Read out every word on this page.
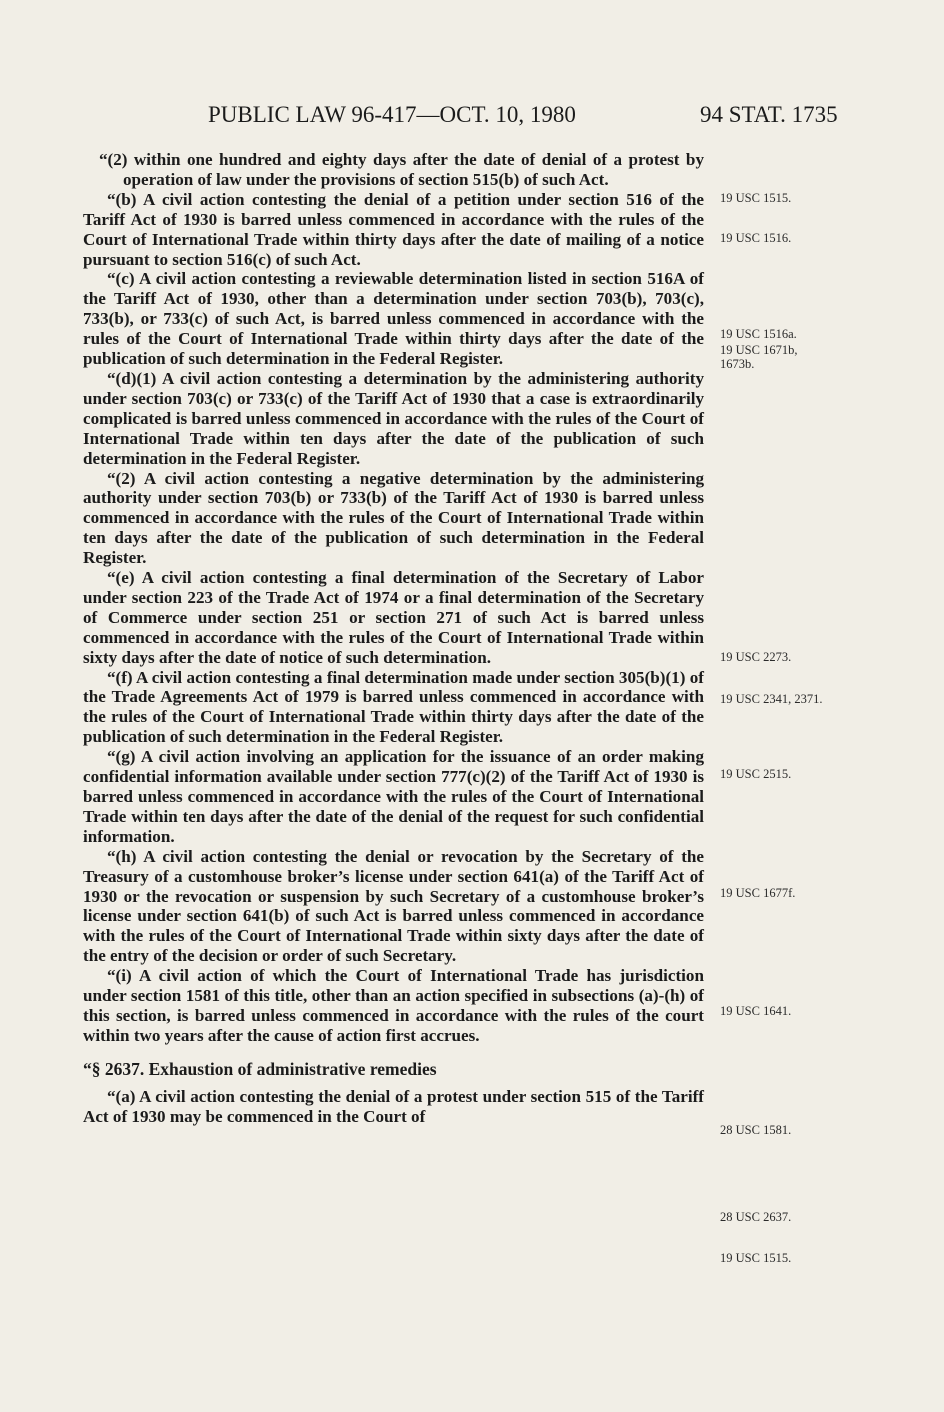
PUBLIC LAW 96-417—OCT. 10, 1980	94 STAT. 1735

“(2) within one hundred and eighty days after the date of denial of a protest by operation of law under the provisions of section 515(b) of such Act.

“(b) A civil action contesting the denial of a petition under section 516 of the Tariff Act of 1930 is barred unless commenced in accordance with the rules of the Court of International Trade within thirty days after the date of mailing of a notice pursuant to section 516(c) of such Act.

“(c) A civil action contesting a reviewable determination listed in section 516A of the Tariff Act of 1930, other than a determination under section 703(b), 703(c), 733(b), or 733(c) of such Act, is barred unless commenced in accordance with the rules of the Court of International Trade within thirty days after the date of the publication of such determination in the Federal Register.

“(d)(1) A civil action contesting a determination by the administering authority under section 703(c) or 733(c) of the Tariff Act of 1930 that a case is extraordinarily complicated is barred unless commenced in accordance with the rules of the Court of International Trade within ten days after the date of the publication of such determination in the Federal Register.

“(2) A civil action contesting a negative determination by the administering authority under section 703(b) or 733(b) of the Tariff Act of 1930 is barred unless commenced in accordance with the rules of the Court of International Trade within ten days after the date of the publication of such determination in the Federal Register.

“(e) A civil action contesting a final determination of the Secretary of Labor under section 223 of the Trade Act of 1974 or a final determination of the Secretary of Commerce under section 251 or section 271 of such Act is barred unless commenced in accordance with the rules of the Court of International Trade within sixty days after the date of notice of such determination.

“(f) A civil action contesting a final determination made under section 305(b)(1) of the Trade Agreements Act of 1979 is barred unless commenced in accordance with the rules of the Court of International Trade within thirty days after the date of the publication of such determination in the Federal Register.

“(g) A civil action involving an application for the issuance of an order making confidential information available under section 777(c)(2) of the Tariff Act of 1930 is barred unless commenced in accordance with the rules of the Court of International Trade within ten days after the date of the denial of the request for such confidential information.

“(h) A civil action contesting the denial or revocation by the Secretary of the Treasury of a customhouse broker’s license under section 641(a) of the Tariff Act of 1930 or the revocation or suspension by such Secretary of a customhouse broker’s license under section 641(b) of such Act is barred unless commenced in accordance with the rules of the Court of International Trade within sixty days after the date of the entry of the decision or order of such Secretary.

“(i) A civil action of which the Court of International Trade has jurisdiction under section 1581 of this title, other than an action specified in subsections (a)-(h) of this section, is barred unless commenced in accordance with the rules of the court within two years after the cause of action first accrues.

“§ 2637. Exhaustion of administrative remedies

“(a) A civil action contesting the denial of a protest under section 515 of the Tariff Act of 1930 may be commenced in the Court of

19 USC 1515.
19 USC 1516.
19 USC 1516a.
19 USC 1671b, 1673b.
19 USC 2273.
19 USC 2341, 2371.
19 USC 2515.
19 USC 1677f.
19 USC 1641.
28 USC 1581.
28 USC 2637.
19 USC 1515.
